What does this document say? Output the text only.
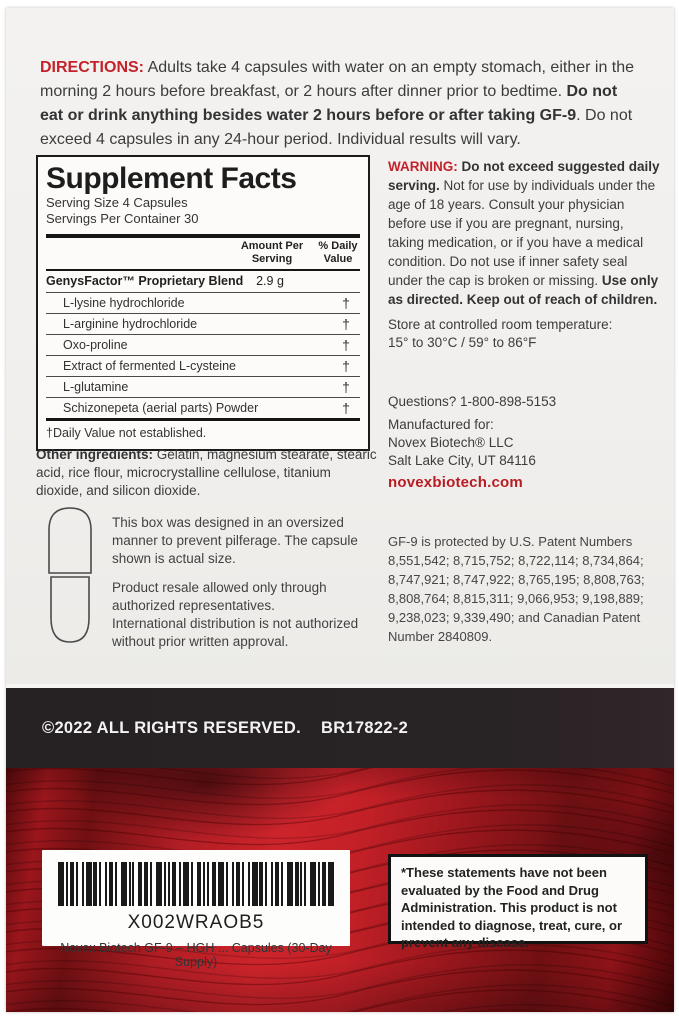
DIRECTIONS: Adults take 4 capsules with water on an empty stomach, either in the morning 2 hours before breakfast, or 2 hours after dinner prior to bedtime. Do not eat or drink anything besides water 2 hours before or after taking GF-9. Do not exceed 4 capsules in any 24-hour period. Individual results will vary.

Supplement Facts
Serving Size 4 Capsules
Servings Per Container 30
Amount Per Serving
% Daily Value
GenysFactor™ Proprietary Blend	2.9 g
L-lysine hydrochloride	†
L-arginine hydrochloride	†
Oxo-proline	†
Extract of fermented L-cysteine	†
L-glutamine	†
Schizonepeta (aerial parts) Powder	†
†Daily Value not established.

Other ingredients: Gelatin, magnesium stearate, stearic acid, rice flour, microcrystalline cellulose, titanium dioxide, and silicon dioxide.

This box was designed in an oversized manner to prevent pilferage. The capsule shown is actual size.
Product resale allowed only through authorized representatives.
International distribution is not authorized without prior written approval.

WARNING: Do not exceed suggested daily serving. Not for use by individuals under the age of 18 years. Consult your physician before use if you are pregnant, nursing, taking medication, or if you have a medical condition. Do not use if inner safety seal under the cap is broken or missing. Use only as directed. Keep out of reach of children.

Store at controlled room temperature:
15° to 30°C / 59° to 86°F
Questions? 1-800-898-5153
Manufactured for:
Novex Biotech® LLC
Salt Lake City, UT 84116
novexbiotech.com

GF-9 is protected by U.S. Patent Numbers 8,551,542; 8,715,752; 8,722,114; 8,734,864; 8,747,921; 8,747,922; 8,765,195; 8,808,763; 8,808,764; 8,815,311; 9,066,953; 9,198,889; 9,238,023; 9,339,490; and Canadian Patent Number 2840809.

©2022 ALL RIGHTS RESERVED. BR17822-2
X002WRAOB5
Novex Biotech GF-9 – HGH ... Capsules (30-Day Supply)
*These statements have not been evaluated by the Food and Drug Administration. This product is not intended to diagnose, treat, cure, or prevent any disease.
